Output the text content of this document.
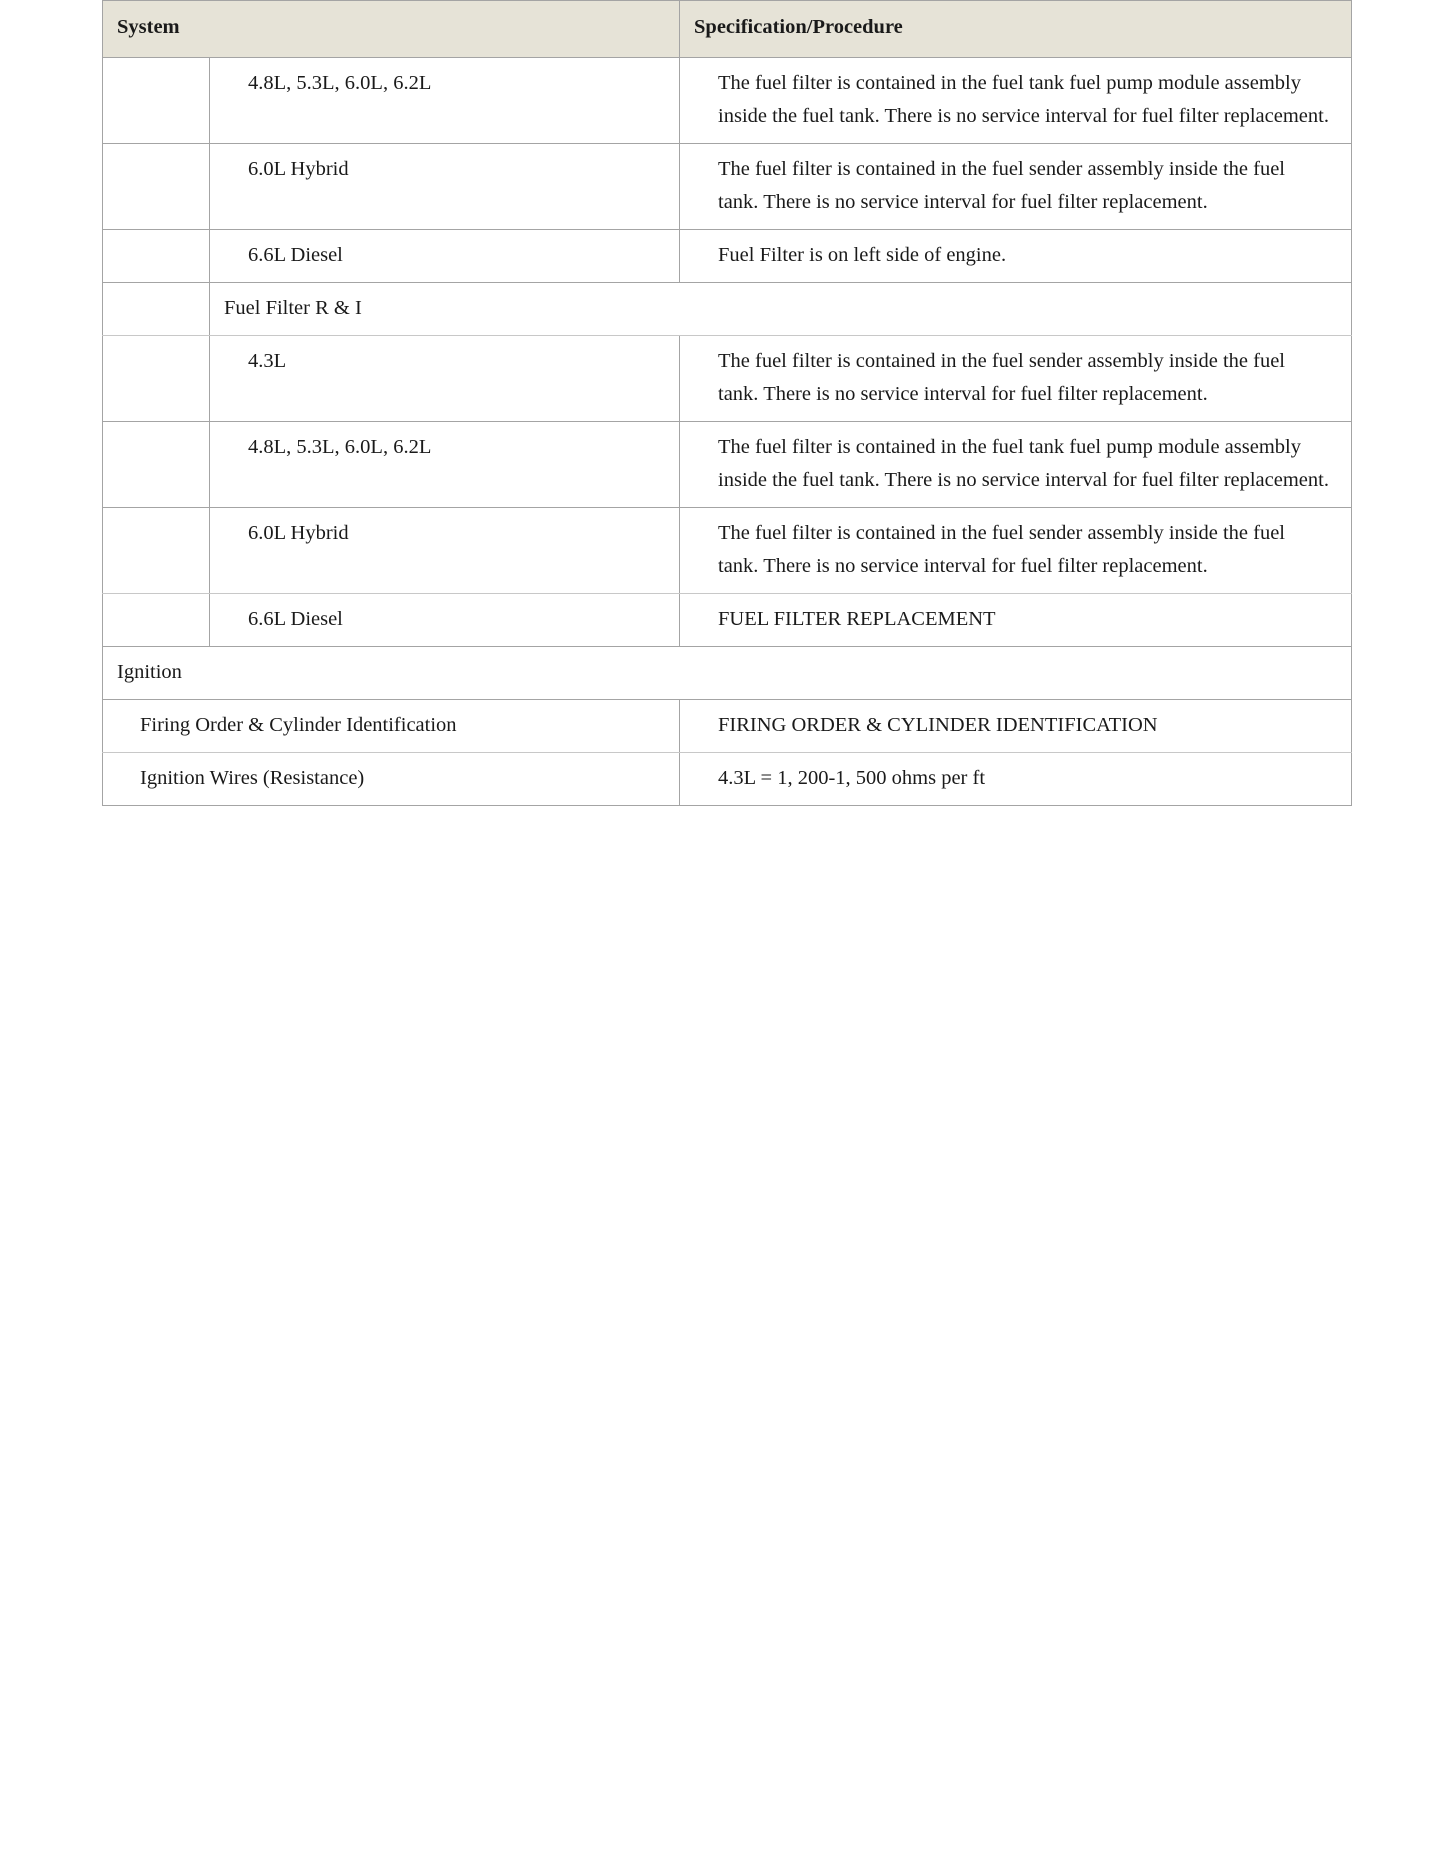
System		Specification/Procedure
	4.8L, 5.3L, 6.0L, 6.2L	The fuel filter is contained in the fuel tank fuel pump module assembly inside the fuel tank. There is no service interval for fuel filter replacement.
	6.0L Hybrid	The fuel filter is contained in the fuel sender assembly inside the fuel tank. There is no service interval for fuel filter replacement.
	6.6L Diesel	Fuel Filter is on left side of engine.
	Fuel Filter R & I	
	4.3L	The fuel filter is contained in the fuel sender assembly inside the fuel tank. There is no service interval for fuel filter replacement.
	4.8L, 5.3L, 6.0L, 6.2L	The fuel filter is contained in the fuel tank fuel pump module assembly inside the fuel tank. There is no service interval for fuel filter replacement.
	6.0L Hybrid	The fuel filter is contained in the fuel sender assembly inside the fuel tank. There is no service interval for fuel filter replacement.
	6.6L Diesel	FUEL FILTER REPLACEMENT
Ignition		
Firing Order & Cylinder Identification		FIRING ORDER & CYLINDER IDENTIFICATION
Ignition Wires (Resistance)		4.3L = 1, 200-1, 500 ohms per ft
